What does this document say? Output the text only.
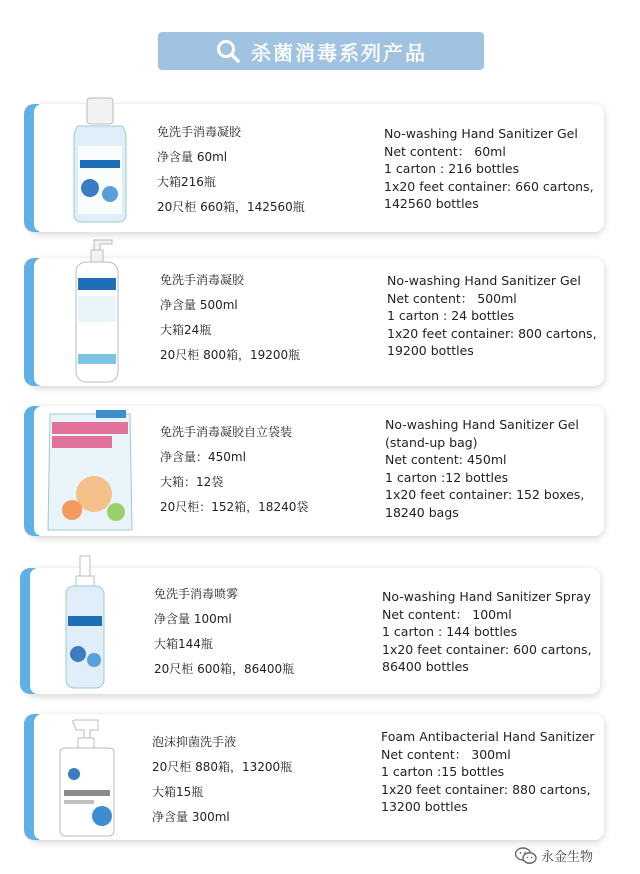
杀菌消毒系列产品
免洗手消毒凝胶
净含量 60ml
大箱216瓶
20尺柜 660箱，142560瓶
No-washing Hand Sanitizer Gel
Net content： 60ml
1 carton : 216 bottles
1x20 feet container: 660 cartons,
142560 bottles
免洗手消毒凝胶
净含量 500ml
大箱24瓶
20尺柜 800箱，19200瓶
No-washing Hand Sanitizer Gel
Net content： 500ml
1 carton : 24 bottles
1x20 feet container: 800 cartons,
19200 bottles
免洗手消毒凝胶自立袋装
净含量：450ml
大箱：12袋
20尺柜：152箱，18240袋
No-washing Hand Sanitizer Gel
(stand-up bag)
Net content: 450ml
1 carton :12 bottles
1x20 feet container: 152 boxes,
18240 bags
免洗手消毒喷雾
净含量 100ml
大箱144瓶
20尺柜 600箱，86400瓶
No-washing Hand Sanitizer Spray
Net content： 100ml
1 carton : 144 bottles
1x20 feet container: 600 cartons,
86400 bottles
泡沫抑菌洗手液
20尺柜 880箱，13200瓶
大箱15瓶
净含量 300ml
Foam Antibacterial Hand Sanitizer
Net content： 300ml
1 carton :15 bottles
1x20 feet container: 880 cartons,
13200 bottles
永金生物
